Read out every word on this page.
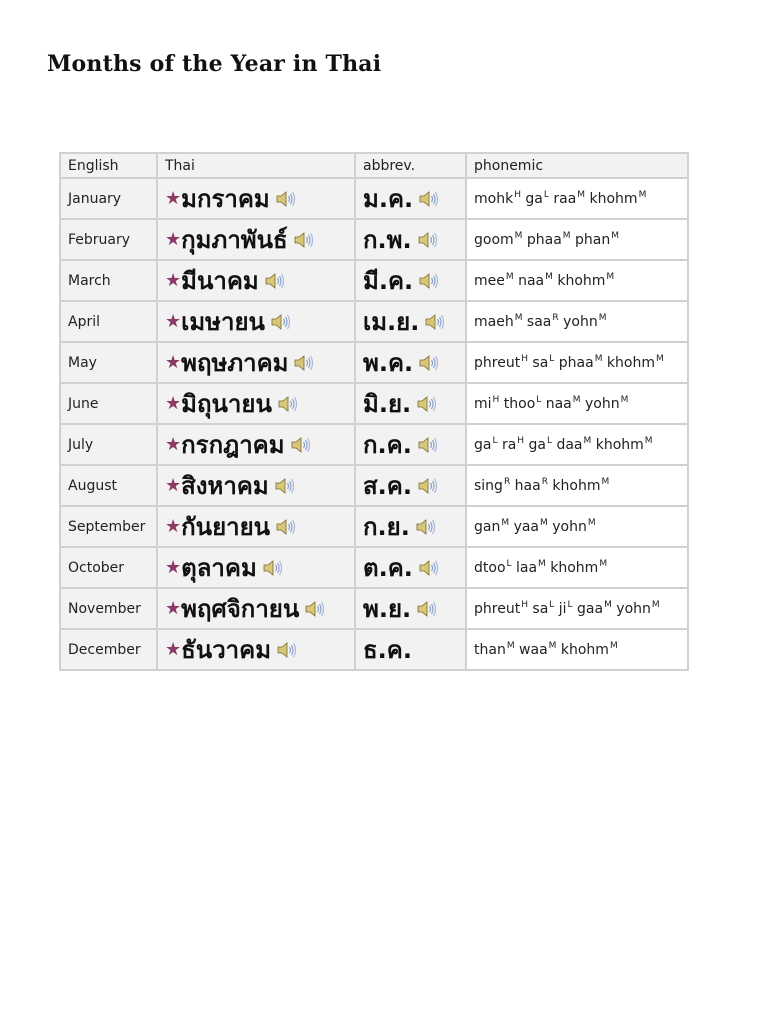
Months of the Year in Thai
English	Thai	abbrev.	phonemic
January	★มกราคม	ม.ค.	mohk$^H$ $ga^L$ raa$^M$ khohm$^M$
February	★กุมภาพันธ์	ก.พ.	goom$^M$ phaa$^M$ phan$^M$
March	★มีนาคม	มี.ค.	mee$^M$ naa$^M$ khohm$^M$
April	★เมษายน	เม.ย.	maeh$^M$ saa$^R$ yohn$^M$
May	★พฤษภาคม	พ.ค.	phreut$^H$ $sa^L$ phaa$^M$ khohm$^M$
June	★มิถุนายน	มิ.ย.	$mi^H$ thoo$^L$ naa$^M$ yohn$^M$
July	★กรกฎาคม	ก.ค.	$ga^L$ $ra^H$ $ga^L$ daa$^M$ khohm$^M$
August	★สิงหาคม	ส.ค.	sing$^R$ haa$^R$ khohm$^M$
September	★กันยายน	ก.ย.	gan$^M$ yaa$^M$ yohn$^M$
October	★ตุลาคม	ต.ค.	dtoo$^L$ laa$^M$ khohm$^M$
November	★พฤศจิกายน	พ.ย.	phreut$^H$ $sa^L$ $ji^L$ gaa$^M$ yohn$^M$
December	★ธันวาคม	ธ.ค.	than$^M$ waa$^M$ khohm$^M$
